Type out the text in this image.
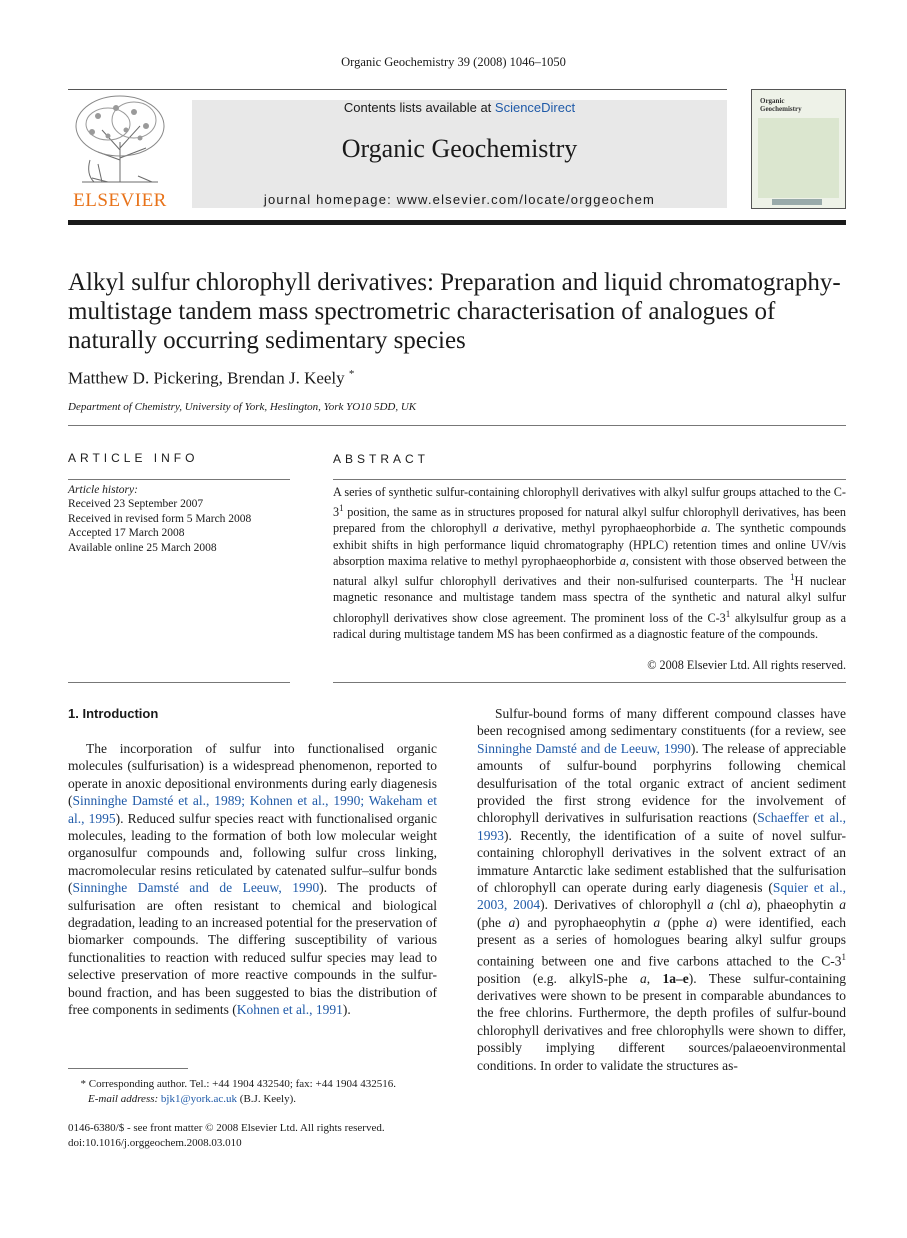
Organic Geochemistry 39 (2008) 1046–1050
ELSEVIER
Contents lists available at ScienceDirect
Organic Geochemistry
journal homepage: www.elsevier.com/locate/orggeochem
Organic
Geochemistry
Alkyl sulfur chlorophyll derivatives: Preparation and liquid chromatography-multistage tandem mass spectrometric characterisation of analogues of naturally occurring sedimentary species
Matthew D. Pickering, Brendan J. Keely *
Department of Chemistry, University of York, Heslington, York YO10 5DD, UK
ARTICLE INFO
Article history:
Received 23 September 2007
Received in revised form 5 March 2008
Accepted 17 March 2008
Available online 25 March 2008
ABSTRACT
A series of synthetic sulfur-containing chlorophyll derivatives with alkyl sulfur groups attached to the $C-3^1$ position, the same as in structures proposed for natural alkyl sulfur chlorophyll derivatives, has been prepared from the chlorophyll a derivative, methyl pyrophaeophorbide a. The synthetic compounds exhibit shifts in high performance liquid chromatography (HPLC) retention times and online UV/vis absorption maxima relative to methyl pyrophaeophorbide a, consistent with those observed between the natural alkyl sulfur chlorophyll derivatives and their non-sulfurised counterparts. The $^1$H nuclear magnetic resonance and multistage tandem mass spectra of the synthetic and natural alkyl sulfur chlorophyll derivatives show close agreement. The prominent loss of the $C-3^1$ alkylsulfur group as a radical during multistage tandem MS has been confirmed as a diagnostic feature of the compounds.
© 2008 Elsevier Ltd. All rights reserved.
1. Introduction
The incorporation of sulfur into functionalised organic molecules (sulfurisation) is a widespread phenomenon, reported to operate in anoxic depositional environments during early diagenesis (Sinninghe Damsté et al., 1989; Kohnen et al., 1990; Wakeham et al., 1995). Reduced sulfur species react with functionalised organic molecules, leading to the formation of both low molecular weight organosulfur compounds and, following sulfur cross linking, macromolecular resins reticulated by catenated sulfur–sulfur bonds (Sinninghe Damsté and de Leeuw, 1990). The products of sulfurisation are often resistant to chemical and biological degradation, leading to an increased potential for the preservation of biomarker compounds. The differing susceptibility of various functionalities to reaction with reduced sulfur species may lead to selective preservation of more reactive compounds in the sulfur-bound fraction, and has been suggested to bias the distribution of free components in sediments (Kohnen et al., 1991).
Sulfur-bound forms of many different compound classes have been recognised among sedimentary constituents (for a review, see Sinninghe Damsté and de Leeuw, 1990). The release of appreciable amounts of sulfur-bound porphyrins following chemical desulfurisation of the total organic extract of ancient sediment provided the first strong evidence for the involvement of chlorophyll derivatives in sulfurisation reactions (Schaeffer et al., 1993). Recently, the identification of a suite of novel sulfur-containing chlorophyll derivatives in the solvent extract of an immature Antarctic lake sediment established that the sulfurisation of chlorophyll can operate during early diagenesis (Squier et al., 2003, 2004). Derivatives of chlorophyll a (chl a), phaeophytin a (phe a) and pyrophaeophytin a (pphe a) were identified, each present as a series of homologues bearing alkyl sulfur groups containing between one and five carbons attached to the $C-3^1$ position (e.g. alkylS-phe a, 1a–e). These sulfur-containing derivatives were shown to be present in comparable abundances to the free chlorins. Furthermore, the depth profiles of sulfur-bound chlorophyll derivatives and free chlorophylls were shown to differ, possibly implying different sources/palaeoenvironmental conditions. In order to validate the structures as-
* Corresponding author. Tel.: +44 1904 432540; fax: +44 1904 432516.
E-mail address: bjk1@york.ac.uk (B.J. Keely).
0146-6380/$ - see front matter © 2008 Elsevier Ltd. All rights reserved.
doi:10.1016/j.orggeochem.2008.03.010
